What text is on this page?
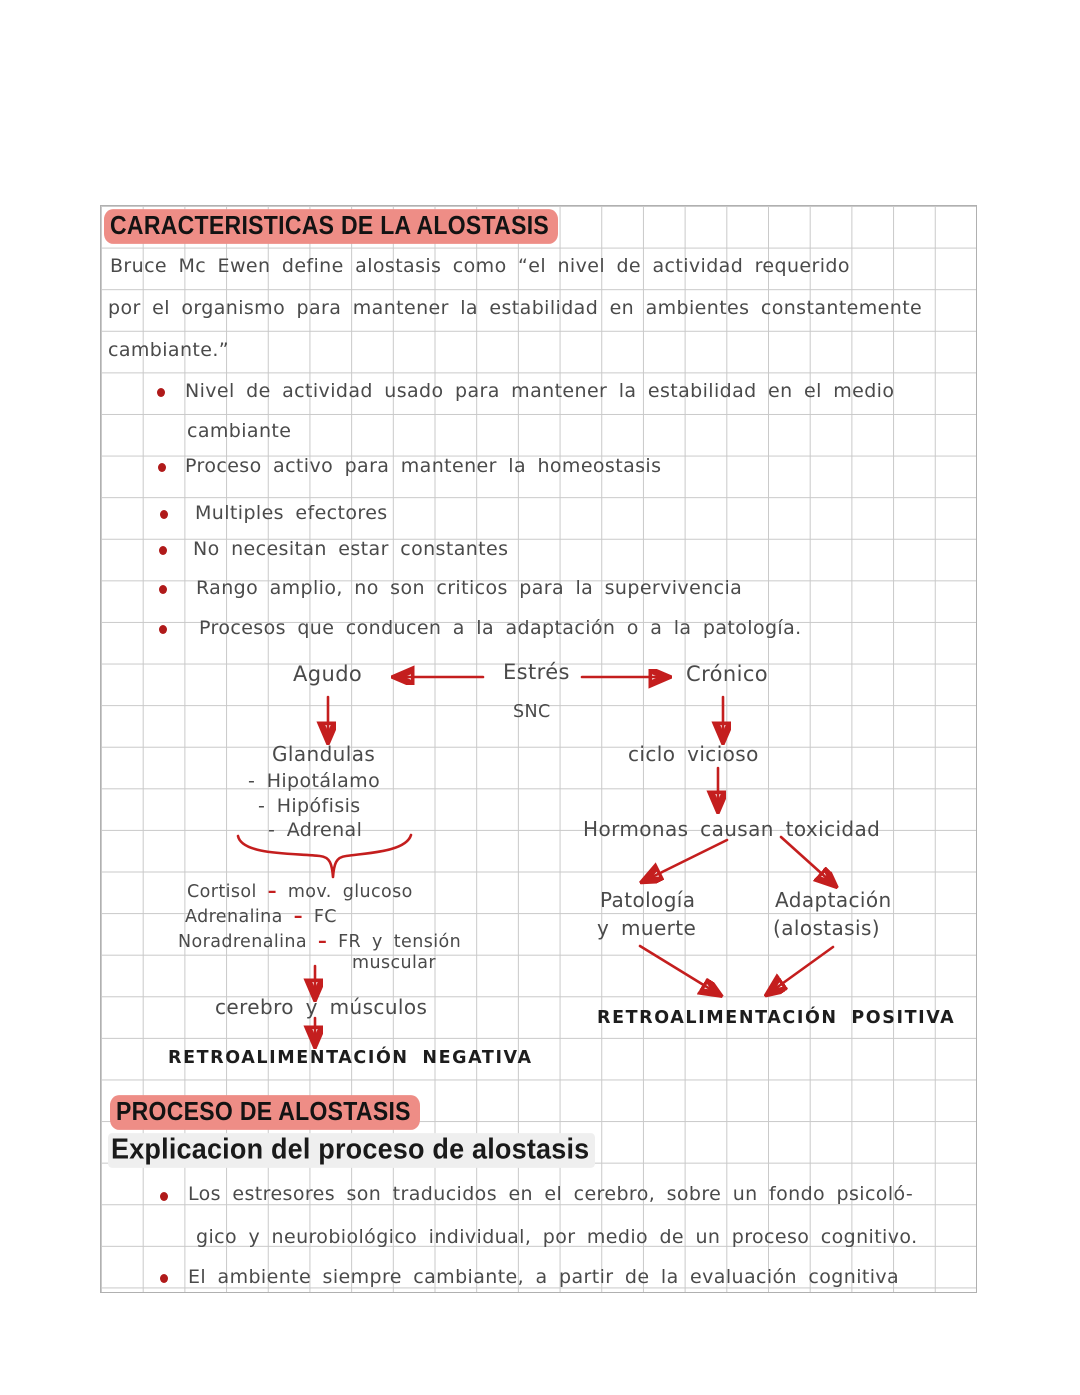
CARACTERISTICAS DE LA ALOSTASIS
Bruce Mc Ewen define alostasis como “el nivel de actividad requerido
por el organismo para mantener la estabilidad en ambientes constantemente
cambiante.”
Nivel de actividad usado para mantener la estabilidad en el medio
cambiante
Proceso activo para mantener la homeostasis
Multiples efectores
No necesitan estar constantes
Rango amplio, no son criticos para la supervivencia
Procesos que conducen a la adaptación o a la patología.
Agudo	Estrés	Crónico
SNC
Glandulas
- Hipotálamo
- Hipófisis
- Adrenal
Cortisol – mov. glucoso
Adrenalina – FC
Noradrenalina – FR y tensión
muscular
cerebro y músculos
RETROALIMENTACIÓN NEGATIVA
ciclo vicioso
Hormonas causan toxicidad
Patología
y muerte
Adaptación
(alostasis)
RETROALIMENTACIÓN POSITIVA
PROCESO DE ALOSTASIS
Explicacion del proceso de alostasis
Los estresores son traducidos en el cerebro, sobre un fondo psicoló-
gico y neurobiológico individual, por medio de un proceso cognitivo.
El ambiente siempre cambiante, a partir de la evaluación cognitiva
